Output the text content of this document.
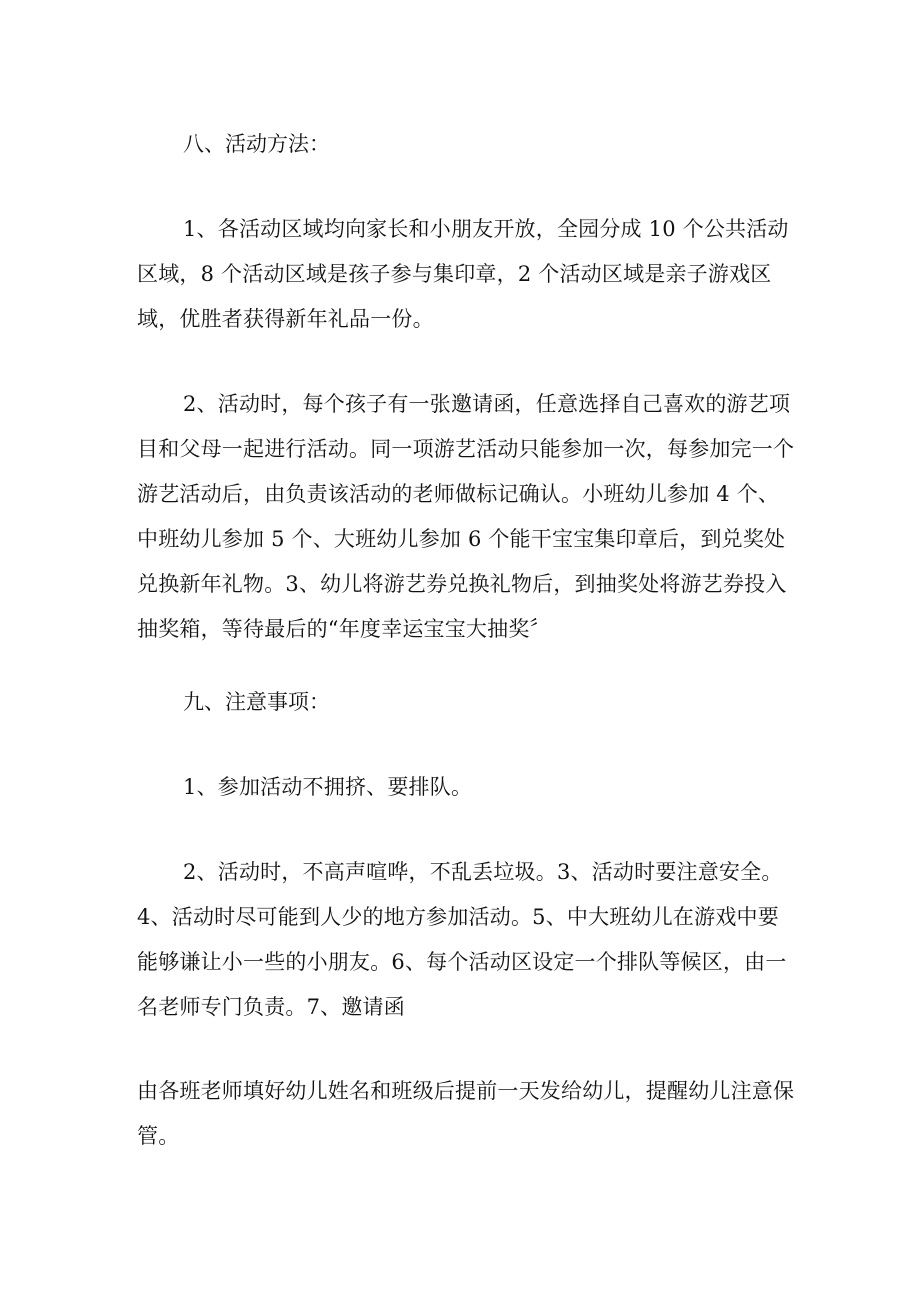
八、活动方法：

1、各活动区域均向家长和小朋友开放，全园分成 10 个公共活动区域，8 个活动区域是孩子参与集印章，2 个活动区域是亲子游戏区域，优胜者获得新年礼品一份。

2、活动时，每个孩子有一张邀请函，任意选择自己喜欢的游艺项目和父母一起进行活动。同一项游艺活动只能参加一次，每参加完一个游艺活动后，由负责该活动的老师做标记确认。小班幼儿参加 4 个、中班幼儿参加 5 个、大班幼儿参加 6 个能干宝宝集印章后，到兑奖处兑换新年礼物。3、幼儿将游艺券兑换礼物后，到抽奖处将游艺券投入抽奖箱，等待最后的“年度幸运宝宝大抽奖〞

九、注意事项：

1、参加活动不拥挤、要排队。

2、活动时，不高声喧哗，不乱丢垃圾。3、活动时要注意安全。4、活动时尽可能到人少的地方参加活动。5、中大班幼儿在游戏中要能够谦让小一些的小朋友。6、每个活动区设定一个排队等候区，由一名老师专门负责。7、邀请函

由各班老师填好幼儿姓名和班级后提前一天发给幼儿，提醒幼儿注意保管。
